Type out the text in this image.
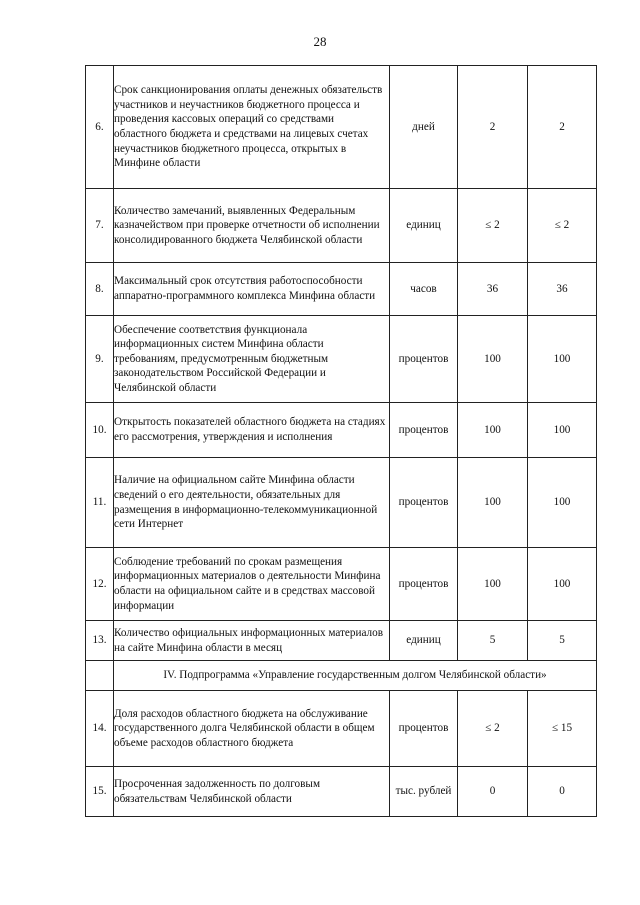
28
6.	Срок санкционирования оплаты денежных обязательств участников и неучастников бюджетного процесса и проведения кассовых операций со средствами областного бюджета и средствами на лицевых счетах неучастников бюджетного процесса, открытых в Минфине области	дней	2	2
7.	Количество замечаний, выявленных Федеральным казначейством при проверке отчетности об исполнении консолидированного бюджета Челябинской области	единиц	≤ 2	≤ 2
8.	Максимальный срок отсутствия работоспособности аппаратно-программного комплекса Минфина области	часов	36	36
9.	Обеспечение соответствия функционала информационных систем Минфина области требованиям, предусмотренным бюджетным законодательством Российской Федерации и Челябинской области	процентов	100	100
10.	Открытость показателей областного бюджета на стадиях его рассмотрения, утверждения и исполнения	процентов	100	100
11.	Наличие на официальном сайте Минфина области сведений о его деятельности, обязательных для размещения в информационно-телекоммуникационной сети Интернет	процентов	100	100
12.	Соблюдение требований по срокам размещения информационных материалов о деятельности Минфина области на официальном сайте и в средствах массовой информации	процентов	100	100
13.	Количество официальных информационных материалов на сайте Минфина области в месяц	единиц	5	5
	IV. Подпрограмма «Управление государственным долгом Челябинской области»			
14.	Доля расходов областного бюджета на обслуживание государственного долга Челябинской области в общем объеме расходов областного бюджета	процентов	≤ 2	≤ 15
15.	Просроченная задолженность по долговым обязательствам Челябинской области	тыс. рублей	0	0
